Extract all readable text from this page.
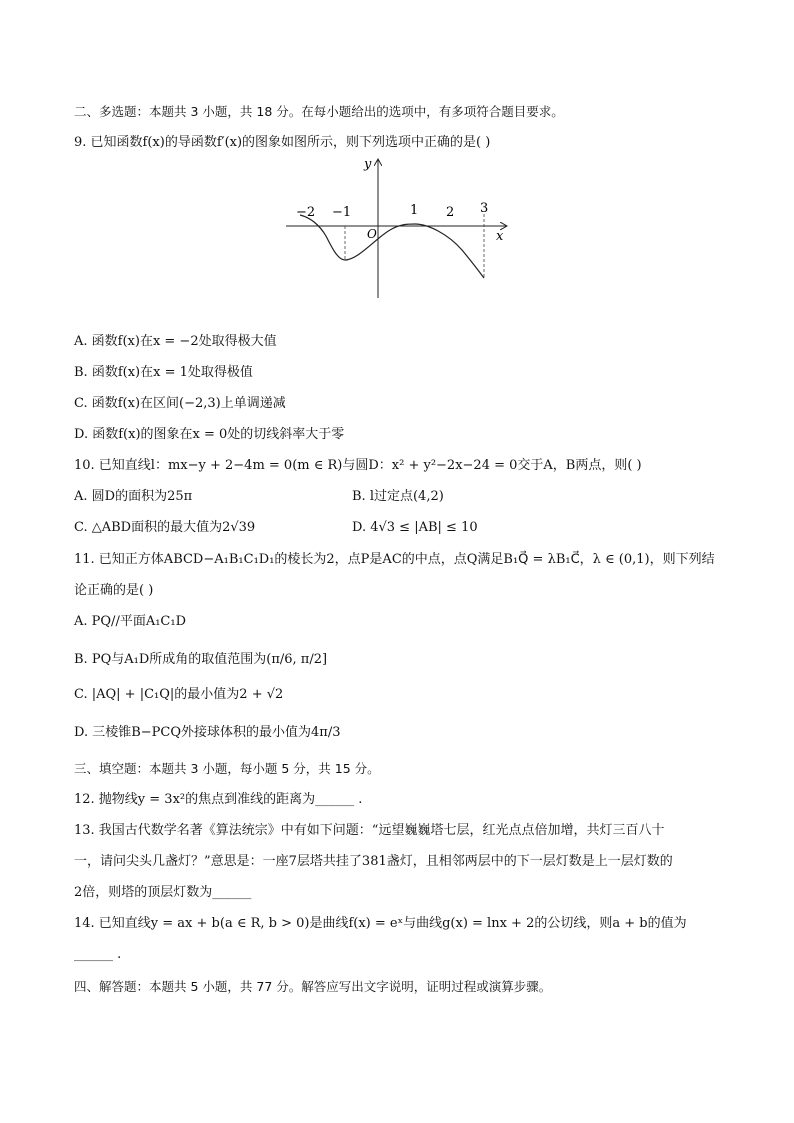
二、多选题：本题共 3 小题，共 18 分。在每小题给出的选项中，有多项符合题目要求。
9. 已知函数f(x)的导函数f′(x)的图象如图所示，则下列选项中正确的是( )
y
x
O
−2 −1	1 2 3
A. 函数f(x)在x = −2处取得极大值
B. 函数f(x)在x = 1处取得极值
C. 函数f(x)在区间(−2,3)上单调递减
D. 函数f(x)的图象在x = 0处的切线斜率大于零
10. 已知直线l：mx−y + 2−4m = 0(m ∈ R)与圆D：x² + y²−2x−24 = 0交于A，B两点，则( )
A. 圆D的面积为25π	B. l过定点(4,2)
C. △ABD面积的最大值为2√39	D. 4√3 ≤ |AB| ≤ 10
11. 已知正方体ABCD−A₁B₁C₁D₁的棱长为2，点P是AC的中点，点Q满足B₁Q⃗ = λB₁C⃗，λ ∈ (0,1)，则下列结
论正确的是( )
A. PQ//平面A₁C₁D
B. PQ与A₁D所成角的取值范围为(π/6, π/2]
C. |AQ| + |C₁Q|的最小值为2 + √2
D. 三棱锥B−PCQ外接球体积的最小值为4π/3
三、填空题：本题共 3 小题，每小题 5 分，共 15 分。
12. 抛物线y = 3x²的焦点到准线的距离为______ .
13. 我国古代数学名著《算法统宗》中有如下问题：“远望巍巍塔七层，红光点点倍加增，共灯三百八十
一，请问尖头几盏灯？”意思是：一座7层塔共挂了381盏灯，且相邻两层中的下一层灯数是上一层灯数的
2倍，则塔的顶层灯数为______
14. 已知直线y = ax + b(a ∈ R, b > 0)是曲线f(x) = eˣ与曲线g(x) = lnx + 2的公切线，则a + b的值为
______ .
四、解答题：本题共 5 小题，共 77 分。解答应写出文字说明，证明过程或演算步骤。
